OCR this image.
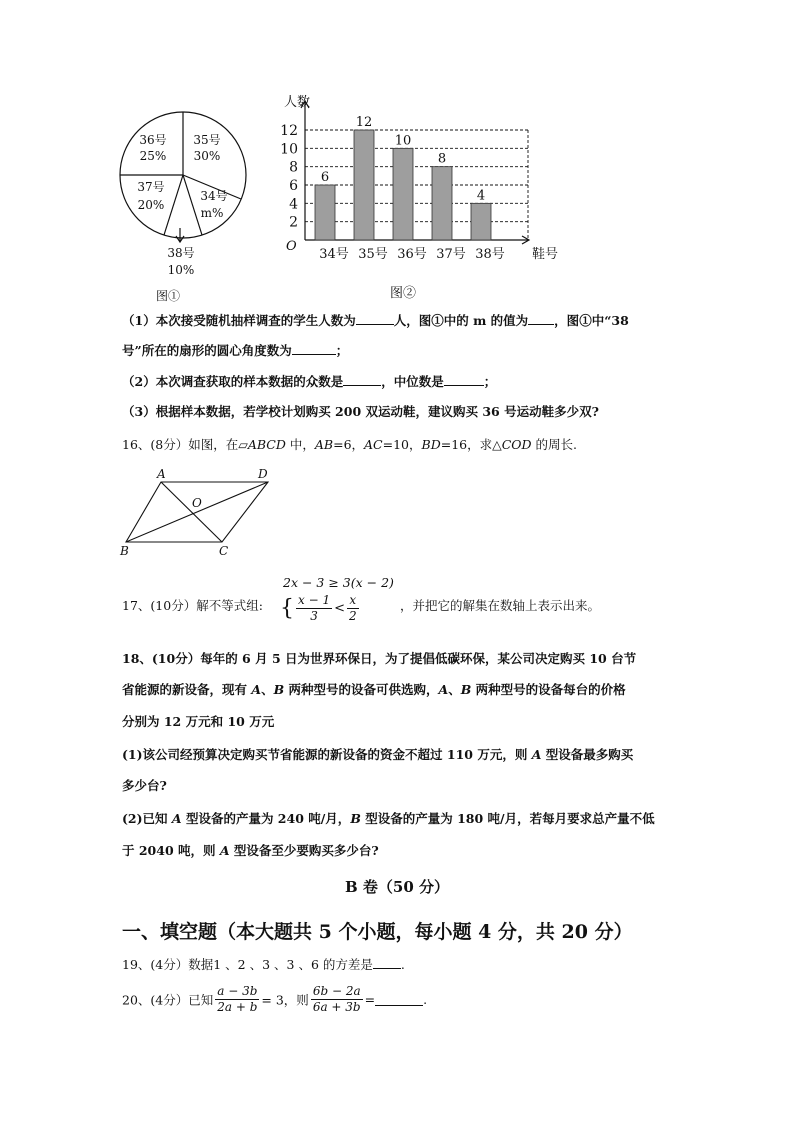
36号
25%
35号
30%
34号
m%
37号
20%
38号
10%
图①
2
4
6
8
10
12
O
人数
鞋号
6
34号
12
35号
10
36号
8
37号
4
38号
图②
（1）本次接受随机抽样调查的学生人数为	人，图①中的 m 的值为 ，图①中“38
号”所在的扇形的圆心角度数为	；
（2）本次调查获取的样本数据的众数是	，中位数是	；
（3）根据样本数据，若学校计划购买 200 双运动鞋，建议购买 36 号运动鞋多少双?
16、(8分）如图，在▱ABCD 中，AB=6，AC=10，BD=16，求△COD 的周长.
A	D
O
B	C
2x − 3 ≥ 3(x − 2)
17、(10分）解不等式组: { $\frac{x - 1}{3} < \frac{x}{2}$	，并把它的解集在数轴上表示出来。
18、(10分）每年的 6 月 5 日为世界环保日，为了提倡低碳环保，某公司决定购买 10 台节
省能源的新设备，现有 A、B 两种型号的设备可供选购，A、B 两种型号的设备每台的价格
分别为 12 万元和 10 万元
(1)该公司经预算决定购买节省能源的新设备的资金不超过 110 万元，则 A 型设备最多购买
多少台?
(2)已知 A 型设备的产量为 240 吨/月，B 型设备的产量为 180 吨/月，若每月要求总产量不低
于 2040 吨，则 A 型设备至少要购买多少台?
B 卷（50 分）
一、填空题（本大题共 5 个小题，每小题 4 分，共 20 分）
19、(4分）数据1 、2 、3 、3 、6 的方差是 .
20、(4分）已知 $\frac{a - 3b}{2a + b} = 3$，则 $\frac{6b - 2a}{6a + 3b}$ =	.
